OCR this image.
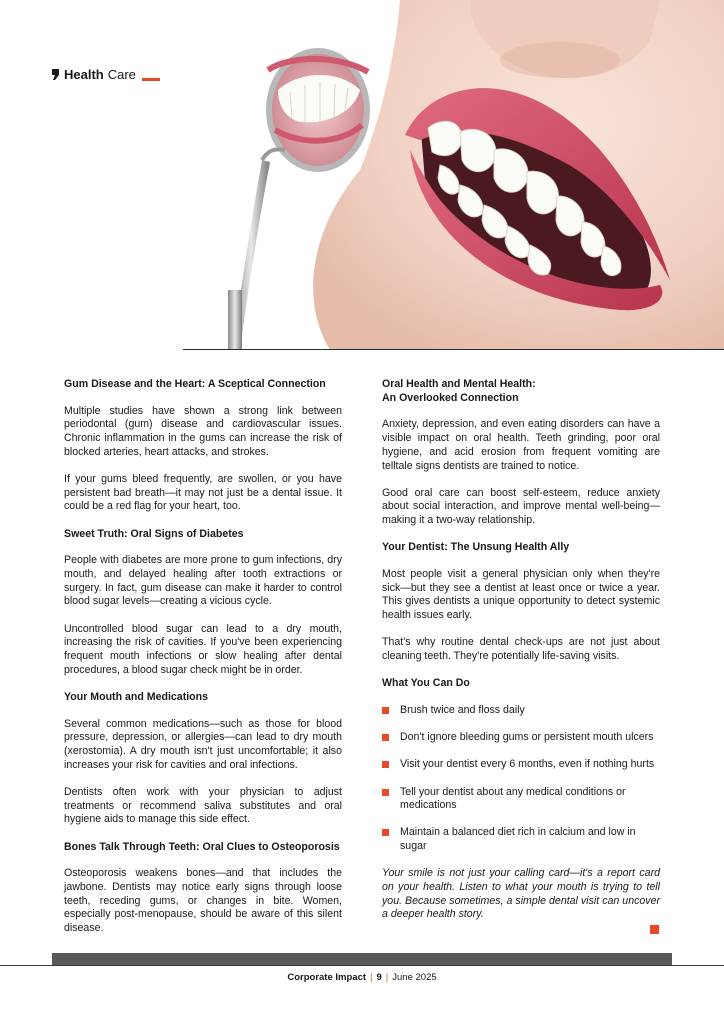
Health Care
Gum Disease and the Heart: A Sceptical Connection

Multiple studies have shown a strong link between periodontal (gum) disease and cardiovascular issues. Chronic inflammation in the gums can increase the risk of blocked arteries, heart attacks, and strokes.

If your gums bleed frequently, are swollen, or you have persistent bad breath—it may not just be a dental issue. It could be a red flag for your heart, too.

Sweet Truth: Oral Signs of Diabetes

People with diabetes are more prone to gum infections, dry mouth, and delayed healing after tooth extractions or surgery. In fact, gum disease can make it harder to control blood sugar levels—creating a vicious cycle.

Uncontrolled blood sugar can lead to a dry mouth, increasing the risk of cavities. If you've been experiencing frequent mouth infections or slow healing after dental procedures, a blood sugar check might be in order.

Your Mouth and Medications

Several common medications—such as those for blood pressure, depression, or allergies—can lead to dry mouth (xerostomia). A dry mouth isn't just uncomfortable; it also increases your risk for cavities and oral infections.

Dentists often work with your physician to adjust treatments or recommend saliva substitutes and oral hygiene aids to manage this side effect.

Bones Talk Through Teeth: Oral Clues to Osteoporosis

Osteoporosis weakens bones—and that includes the jawbone. Dentists may notice early signs through loose teeth, receding gums, or changes in bite. Women, especially post-menopause, should be aware of this silent disease.

Oral Health and Mental Health:
An Overlooked Connection

Anxiety, depression, and even eating disorders can have a visible impact on oral health. Teeth grinding, poor oral hygiene, and acid erosion from frequent vomiting are telltale signs dentists are trained to notice.

Good oral care can boost self-esteem, reduce anxiety about social interaction, and improve mental well-being—making it a two-way relationship.

Your Dentist: The Unsung Health Ally

Most people visit a general physician only when they're sick—but they see a dentist at least once or twice a year. This gives dentists a unique opportunity to detect systemic health issues early.

That's why routine dental check-ups are not just about cleaning teeth. They're potentially life-saving visits.

What You Can Do
Brush twice and floss daily
Don't ignore bleeding gums or persistent mouth ulcers
Visit your dentist every 6 months, even if nothing hurts
Tell your dentist about any medical conditions or medications
Maintain a balanced diet rich in calcium and low in sugar

Your smile is not just your calling card—it's a report card on your health. Listen to what your mouth is trying to tell you. Because sometimes, a simple dental visit can uncover a deeper health story.

Corporate Impact | 9 | June 2025
